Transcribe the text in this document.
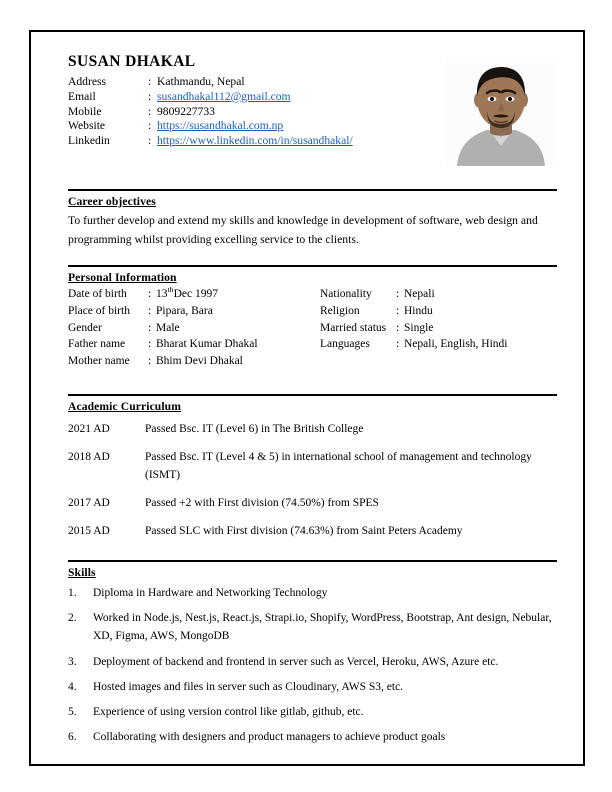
SUSAN DHAKAL
Address	:	Kathmandu, Nepal
Email	:	susandhakal112@gmail.com
Mobile	:	9809227733
Website	:	https://susandhakal.com.np
Linkedin	:	https://www.linkedin.com/in/susandhakal/
Career objectives

To further develop and extend my skills and knowledge in development of software, web design and programming whilst providing excelling service to the clients.

Personal Information
Date of birth	:	13thDec 1997
Place of birth	:	Pipara, Bara
Gender	:	Male
Father name	:	Bharat Kumar Dhakal
Mother name	:	Bhim Devi Dhakal
Nationality	:	Nepali
Religion	:	Hindu
Married status	:	Single
Languages	:	Nepali, English, Hindi
Academic Curriculum
2021 AD	Passed Bsc. IT (Level 6) in The British College
2018 AD	Passed Bsc. IT (Level 4 & 5) in international school of management and technology (ISMT)
2017 AD	Passed +2 with First division (74.50%) from SPES
2015 AD	Passed SLC with First division (74.63%) from Saint Peters Academy
Skills
Diploma in Hardware and Networking Technology
Worked in Node.js, Nest.js, React.js, Strapi.io, Shopify, WordPress, Bootstrap, Ant design, Nebular, XD, Figma, AWS, MongoDB
Deployment of backend and frontend in server such as Vercel, Heroku, AWS, Azure etc.
Hosted images and files in server such as Cloudinary, AWS S3, etc.
Experience of using version control like gitlab, github, etc.
Collaborating with designers and product managers to achieve product goals
